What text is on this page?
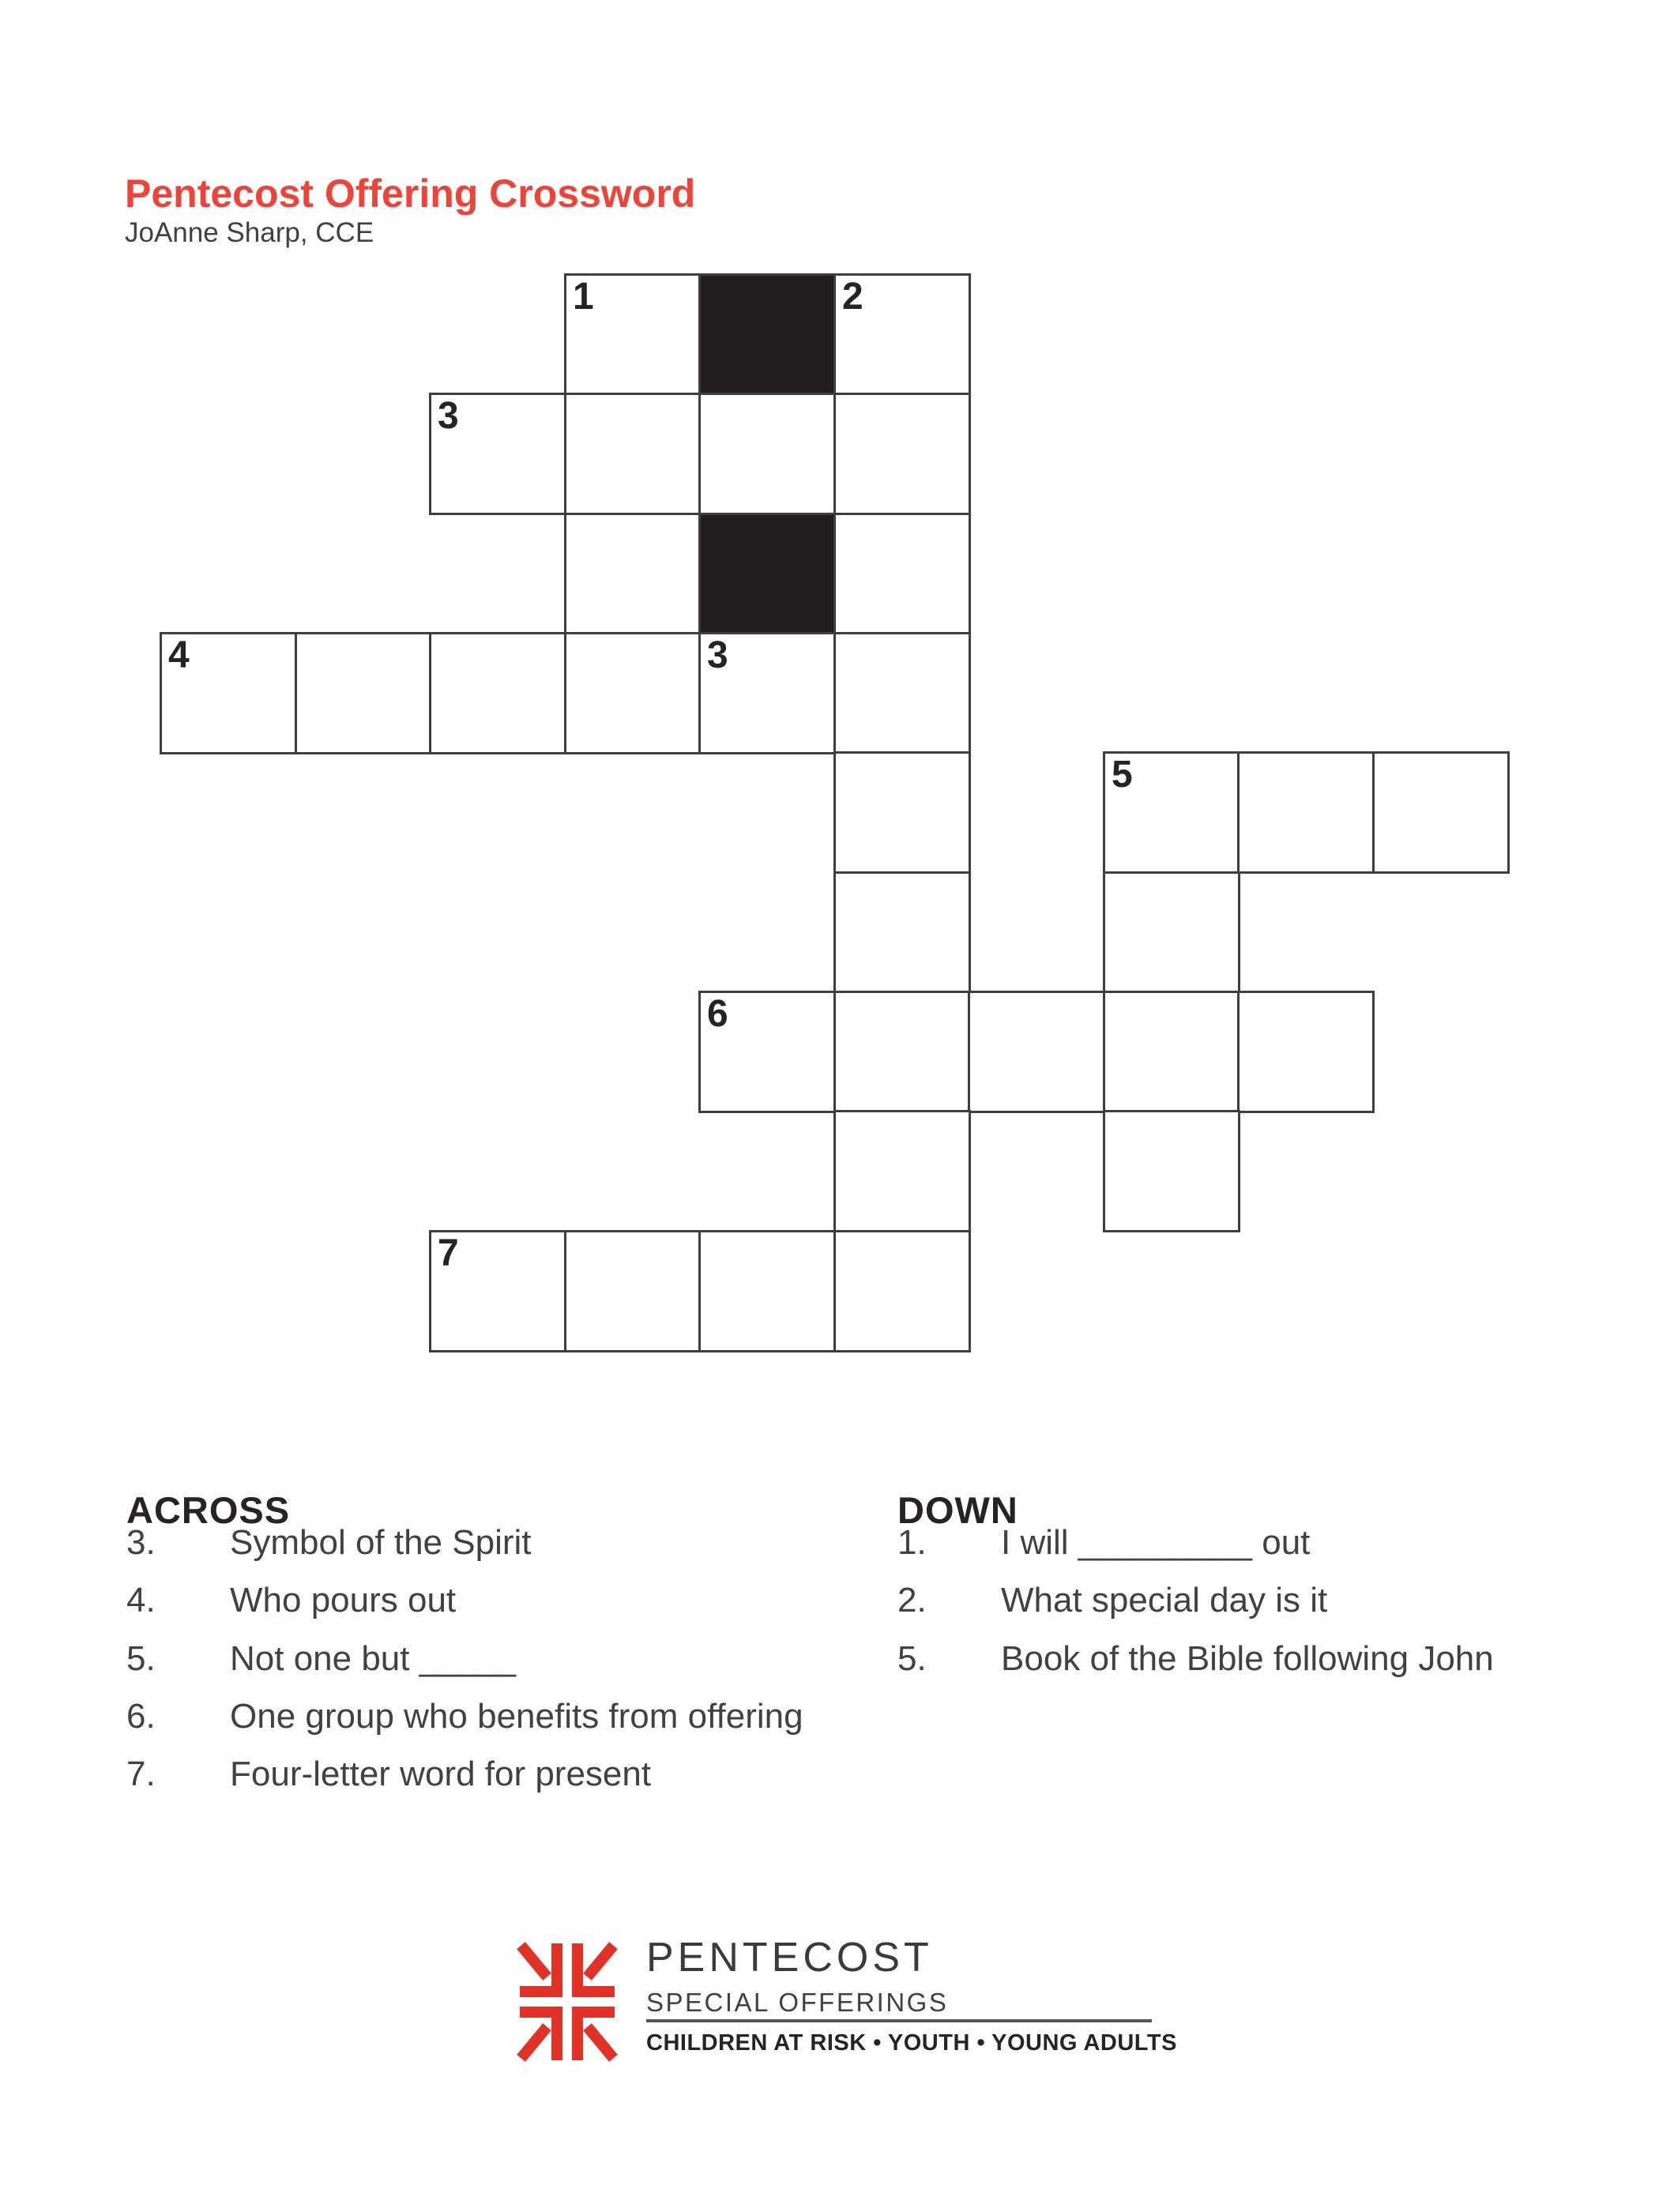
Pentecost Offering Crossword
JoAnne Sharp, CCE
1	2
3
4	3
5
6
7
ACROSS
3. Symbol of the Spirit
4. Who pours out
5. Not one but _____
6. One group who benefits from offering
7. Four-letter word for present
DOWN
1. I will _________ out
2. What special day is it
5. Book of the Bible following John
PENTECOST
SPECIAL OFFERINGS
CHILDREN AT RISK • YOUTH • YOUNG ADULTS
